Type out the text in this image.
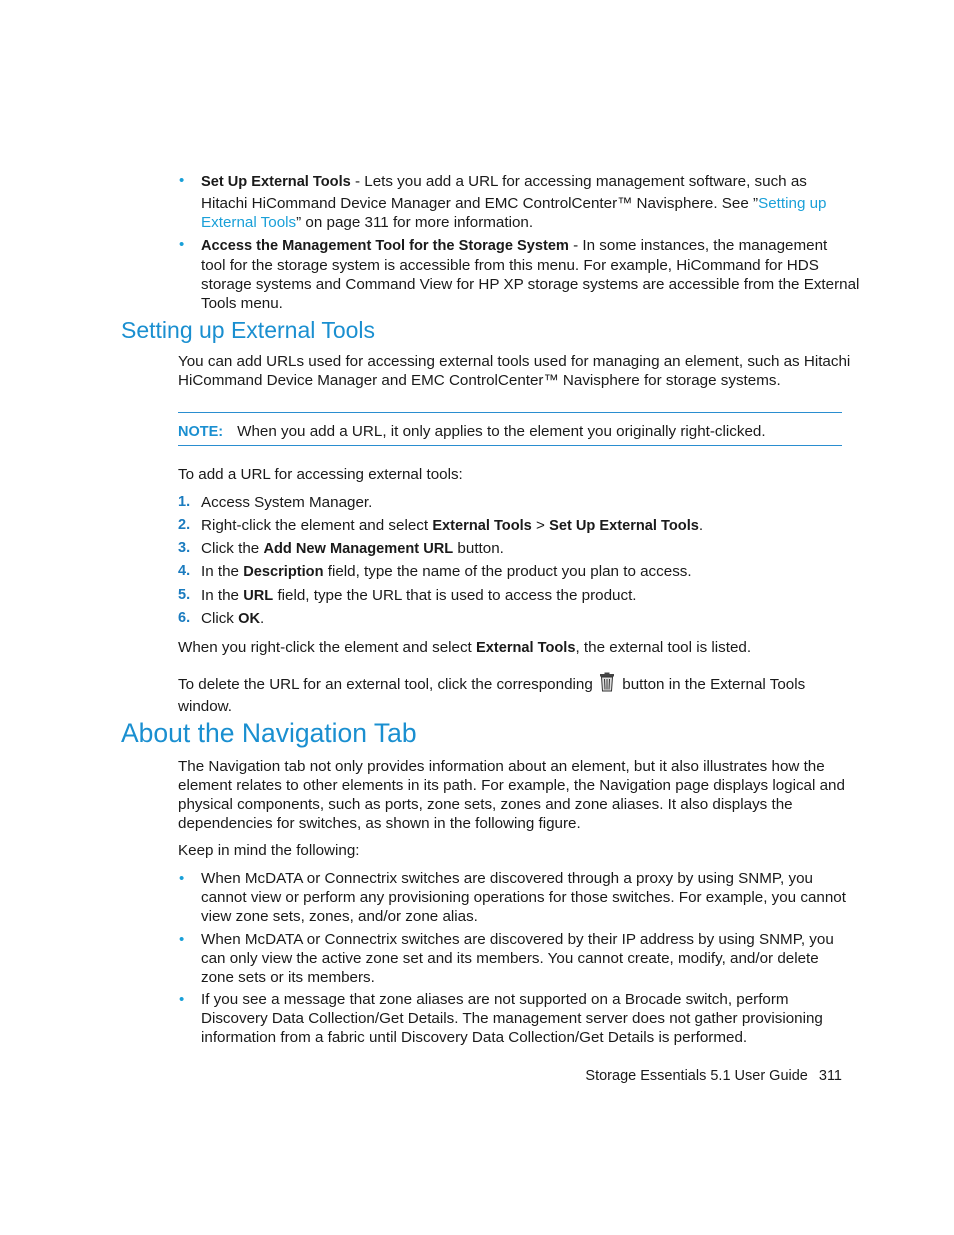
• Set Up External Tools - Lets you add a URL for accessing management software, such as
Hitachi HiCommand Device Manager and EMC ControlCenter™ Navisphere. See ”Setting up
External Tools” on page 311 for more information.
• Access the Management Tool for the Storage System - In some instances, the management
tool for the storage system is accessible from this menu. For example, HiCommand for HDS
storage systems and Command View for HP XP storage systems are accessible from the External
Tools menu.
Setting up External Tools
You can add URLs used for accessing external tools used for managing an element, such as Hitachi
HiCommand Device Manager and EMC ControlCenter™ Navisphere for storage systems.
NOTE: When you add a URL, it only applies to the element you originally right-clicked.
To add a URL for accessing external tools:
1. Access System Manager.
2. Right-click the element and select External Tools > Set Up External Tools.
3. Click the Add New Management URL button.
4. In the Description field, type the name of the product you plan to access.
5. In the URL field, type the URL that is used to access the product.
6. Click OK.
When you right-click the element and select External Tools, the external tool is listed.
To delete the URL for an external tool, click the corresponding button in the External Tools
window.
About the Navigation Tab
The Navigation tab not only provides information about an element, but it also illustrates how the
element relates to other elements in its path. For example, the Navigation page displays logical and
physical components, such as ports, zone sets, zones and zone aliases. It also displays the
dependencies for switches, as shown in the following figure.
Keep in mind the following:
• When McDATA or Connectrix switches are discovered through a proxy by using SNMP, you
cannot view or perform any provisioning operations for those switches. For example, you cannot
view zone sets, zones, and/or zone alias.
• When McDATA or Connectrix switches are discovered by their IP address by using SNMP, you
can only view the active zone set and its members. You cannot create, modify, and/or delete
zone sets or its members.
• If you see a message that zone aliases are not supported on a Brocade switch, perform
Discovery Data Collection/Get Details. The management server does not gather provisioning
information from a fabric until Discovery Data Collection/Get Details is performed.
Storage Essentials 5.1 User Guide 311
